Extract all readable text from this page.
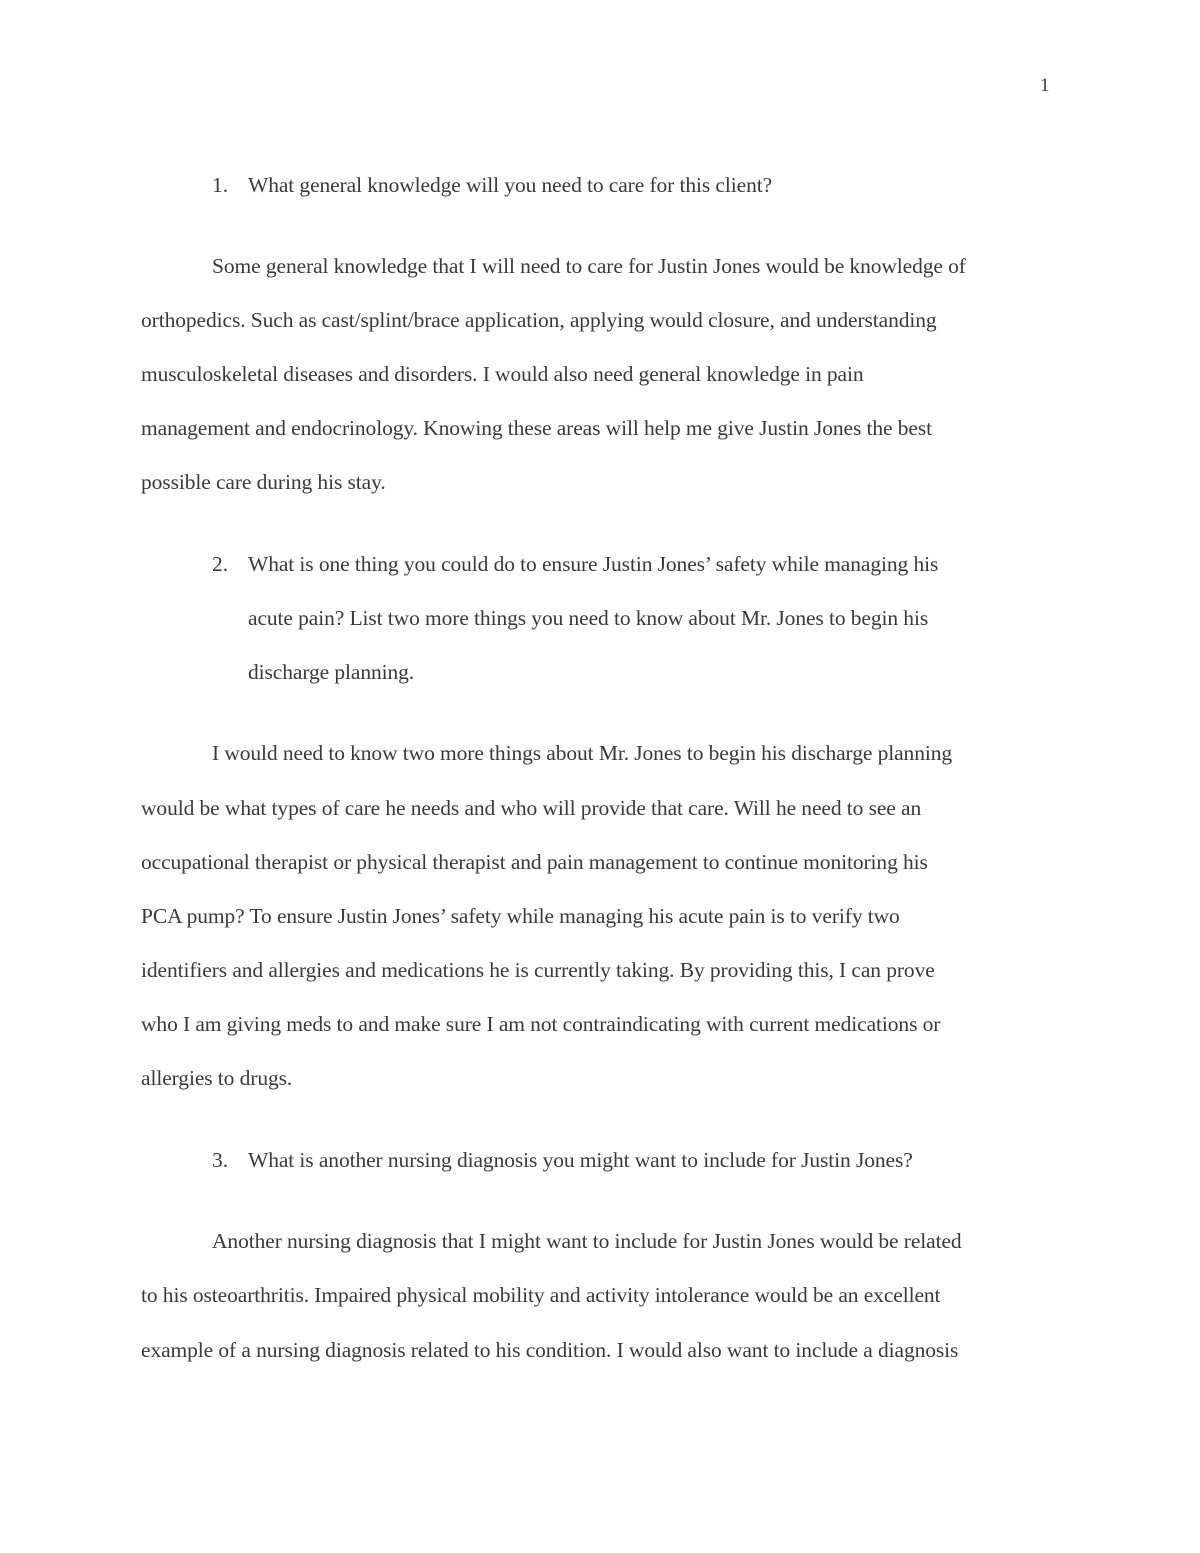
1
1. What general knowledge will you need to care for this client?
Some general knowledge that I will need to care for Justin Jones would be knowledge of
orthopedics. Such as cast/splint/brace application, applying would closure, and understanding
musculoskeletal diseases and disorders. I would also need general knowledge in pain
management and endocrinology. Knowing these areas will help me give Justin Jones the best
possible care during his stay.
2. What is one thing you could do to ensure Justin Jones’ safety while managing his
acute pain? List two more things you need to know about Mr. Jones to begin his
discharge planning.
I would need to know two more things about Mr. Jones to begin his discharge planning
would be what types of care he needs and who will provide that care. Will he need to see an
occupational therapist or physical therapist and pain management to continue monitoring his
PCA pump? To ensure Justin Jones’ safety while managing his acute pain is to verify two
identifiers and allergies and medications he is currently taking. By providing this, I can prove
who I am giving meds to and make sure I am not contraindicating with current medications or
allergies to drugs.
3. What is another nursing diagnosis you might want to include for Justin Jones?
Another nursing diagnosis that I might want to include for Justin Jones would be related
to his osteoarthritis. Impaired physical mobility and activity intolerance would be an excellent
example of a nursing diagnosis related to his condition. I would also want to include a diagnosis
